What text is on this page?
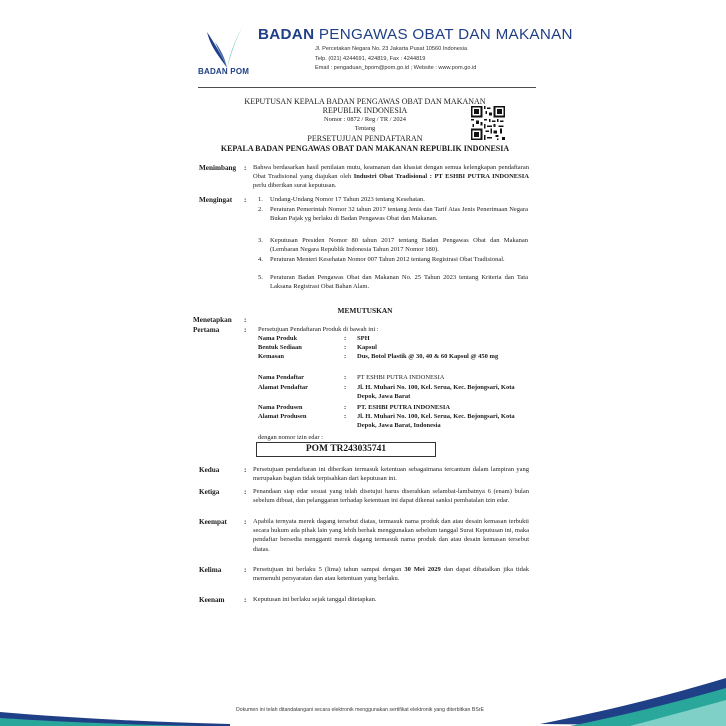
BADAN POM
BADAN PENGAWAS OBAT DAN MAKANAN
Jl. Percetakan Negara No. 23 Jakarta Pusat 10560 Indonesia
Telp. (021) 4244691, 424819, Fax : 4244819
Email : pengaduan_bpom@pom.go.id ; Website : www.pom.go.id
KEPUTUSAN KEPALA BADAN PENGAWAS OBAT DAN MAKANAN
REPUBLIK INDONESIA
Nomor : 0872 / Reg / TR / 2024
Tentang
PERSETUJUAN PENDAFTARAN
KEPALA BADAN PENGAWAS OBAT DAN MAKANAN REPUBLIK INDONESIA
Menimbang : Bahwa berdasarkan hasil penilaian mutu, keamanan dan khasiat dengan semua kelengkapan pendaftaran Obat Tradisional yang diajukan oleh Industri Obat Tradisional : PT ESHBI PUTRA INDONESIA perlu diberikan surat keputusan.
Mengingat : 1. Undang-Undang Nomor 17 Tahun 2023 tentang Kesehatan.
2. Peraturan Pemerintah Nomor 32 tahun 2017 tentang Jenis dan Tarif Atas Jenis Penerimaan Negara Bukan Pajak yg berlaku di Badan Pengawas Obat dan Makanan.
3. Keputusan Presiden Nomor 80 tahun 2017 tentang Badan Pengawas Obat dan Makanan (Lembaran Negara Republik Indonesia Tahun 2017 Nomor 180).
4. Peraturan Menteri Kesehatan Nomor 007 Tahun 2012 tentang Registrasi Obat Tradisional.
5. Peraturan Badan Pengawas Obat dan Makanan No. 25 Tahun 2023 tentang Kriteria dan Tata Laksana Registrasi Obat Bahan Alam.
MEMUTUSKAN
Menetapkan :
Pertama	: Persetujuan Pendaftaran Produk di bawah ini :
Nama Produk	: SPH
Bentuk Sediaan	: Kapsul
Kemasan	: Dus, Botol Plastik @ 30, 40 & 60 Kapsul @ 450 mg
Nama Pendaftar	: PT ESHBI PUTRA INDONESIA
Alamat Pendaftar	: Jl. H. Muhari No. 100, Kel. Serua, Kec. Bojongsari, Kota Depok, Jawa Barat
Nama Produsen	: PT. ESHBI PUTRA INDONESIA
Alamat Produsen	: Jl. H. Muhari No. 100, Kel. Serua, Kec. Bojongsari, Kota Depok, Jawa Barat, Indonesia
dengan nomor izin edar :
POM TR243035741
Kedua	: Persetujuan pendaftaran ini diberikan termasuk ketentuan sebagaimana tercantum dalam lampiran yang merupakan bagian tidak terpisahkan dari keputusan ini.
Ketiga	: Penandaan siap edar sesuai yang telah disetujui harus diserahkan selambat-lambatnya 6 (enam) bulan sebelum dibuat, dan pelanggaran terhadap ketentuan ini dapat dikenai sanksi pembatalan izin edar.
Keempat : Apabila ternyata merek dagang tersebut diatas, termasuk nama produk dan atau desain kemasan terbukti secara hukum ada pihak lain yang lebih berhak menggunakan sebelum tanggal Surat Keputusan ini, maka pendaftar bersedia mengganti merek dagang termasuk nama produk dan atau desain kemasan tersebut diatas.
Kelima	: Persetujuan ini berlaku 5 (lima) tahun sampai dengan 30 Mei 2029 dan dapat dibatalkan jika tidak memenuhi persyaratan dan atau ketentuan yang berlaku.
Keenam	: Keputusan ini berlaku sejak tanggal ditetapkan.
Dokumen ini telah ditandatangani secara elektronik menggunakan sertifikat elektronik yang diterbitkan BSrE
